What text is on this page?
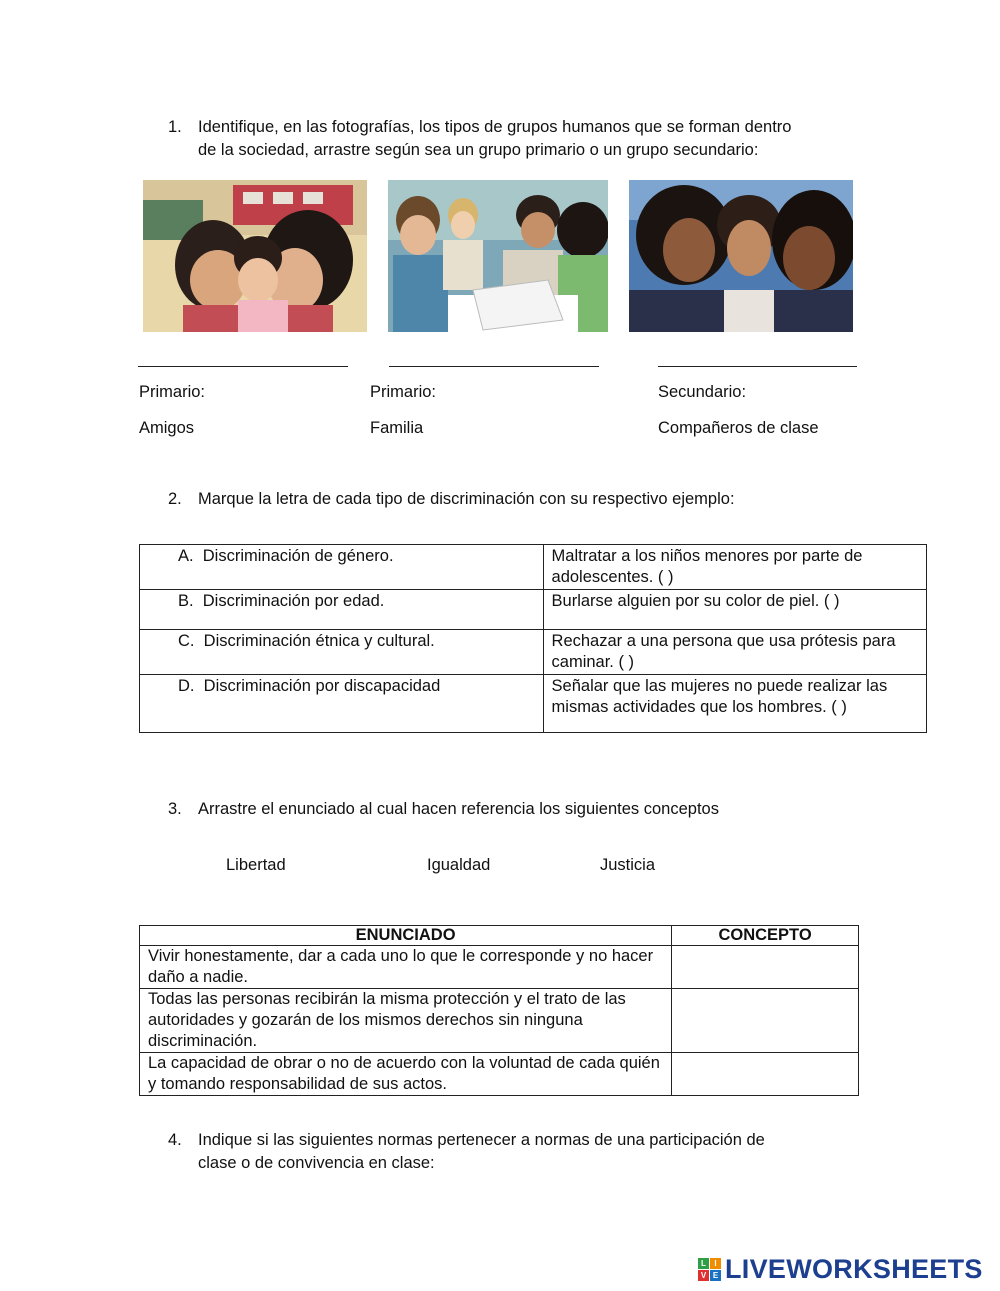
1. Identifique, en las fotografías, los tipos de grupos humanos que se forman dentro
de la sociedad, arrastre según sea un grupo primario o un grupo secundario:
Primario:
Amigos
Primario:
Familia
Secundario:
Compañeros de clase
2. Marque la letra de cada tipo de discriminación con su respectivo ejemplo:
A. Discriminación de género.	Maltratar a los niños menores por parte de adolescentes. ( )
B. Discriminación por edad.	Burlarse alguien por su color de piel. ( )
C. Discriminación étnica y cultural.	Rechazar a una persona que usa prótesis para caminar. ( )
D. Discriminación por discapacidad	Señalar que las mujeres no puede realizar las mismas actividades que los hombres. ( )
3. Arrastre el enunciado al cual hacen referencia los siguientes conceptos
Libertad	Igualdad	Justicia
ENUNCIADO	CONCEPTO
Vivir honestamente, dar a cada uno lo que le corresponde y no hacer daño a nadie.	
Todas las personas recibirán la misma protección y el trato de las autoridades y gozarán de los mismos derechos sin ninguna discriminación.	
La capacidad de obrar o no de acuerdo con la voluntad de cada quién y tomando responsabilidad de sus actos.	
4. Indique si las siguientes normas pertenecer a normas de una participación de
clase o de convivencia en clase:
L	I
V E LIVEWORKSHEETS
